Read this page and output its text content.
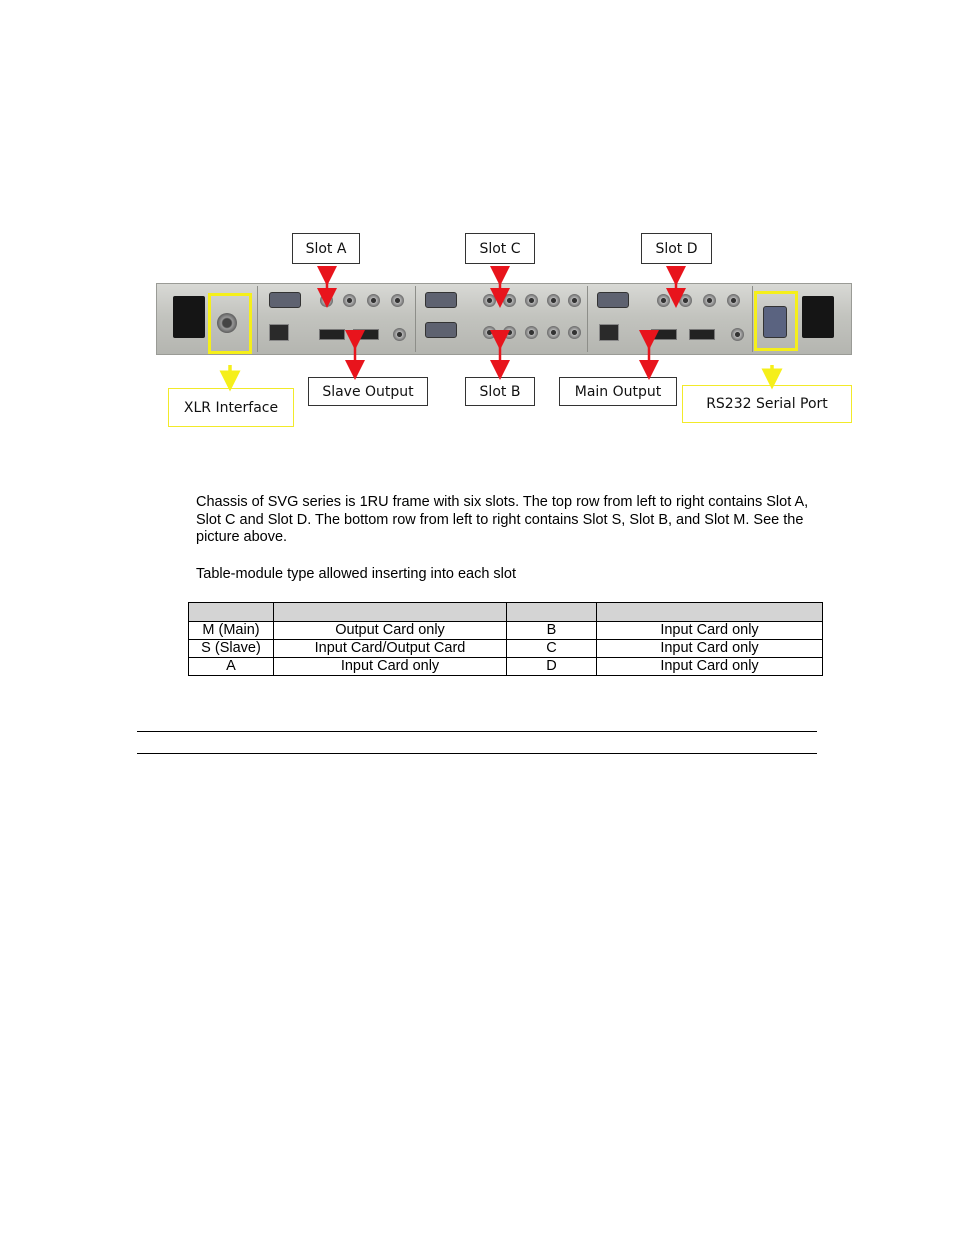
Slot A	Slot C	Slot D
XLR Interface
Slave Output	Slot B	Main Output
RS232 Serial Port
Chassis of SVG series is 1RU frame with six slots. The top row from left to right contains Slot A, Slot C and Slot D. The bottom row from left to right contains Slot S, Slot B, and Slot M. See the picture above.
Table-module type allowed inserting into each slot

M (Main)	Output Card only	B	Input Card only
S (Slave)	Input Card/Output Card	C	Input Card only
A	Input Card only	D	Input Card only
